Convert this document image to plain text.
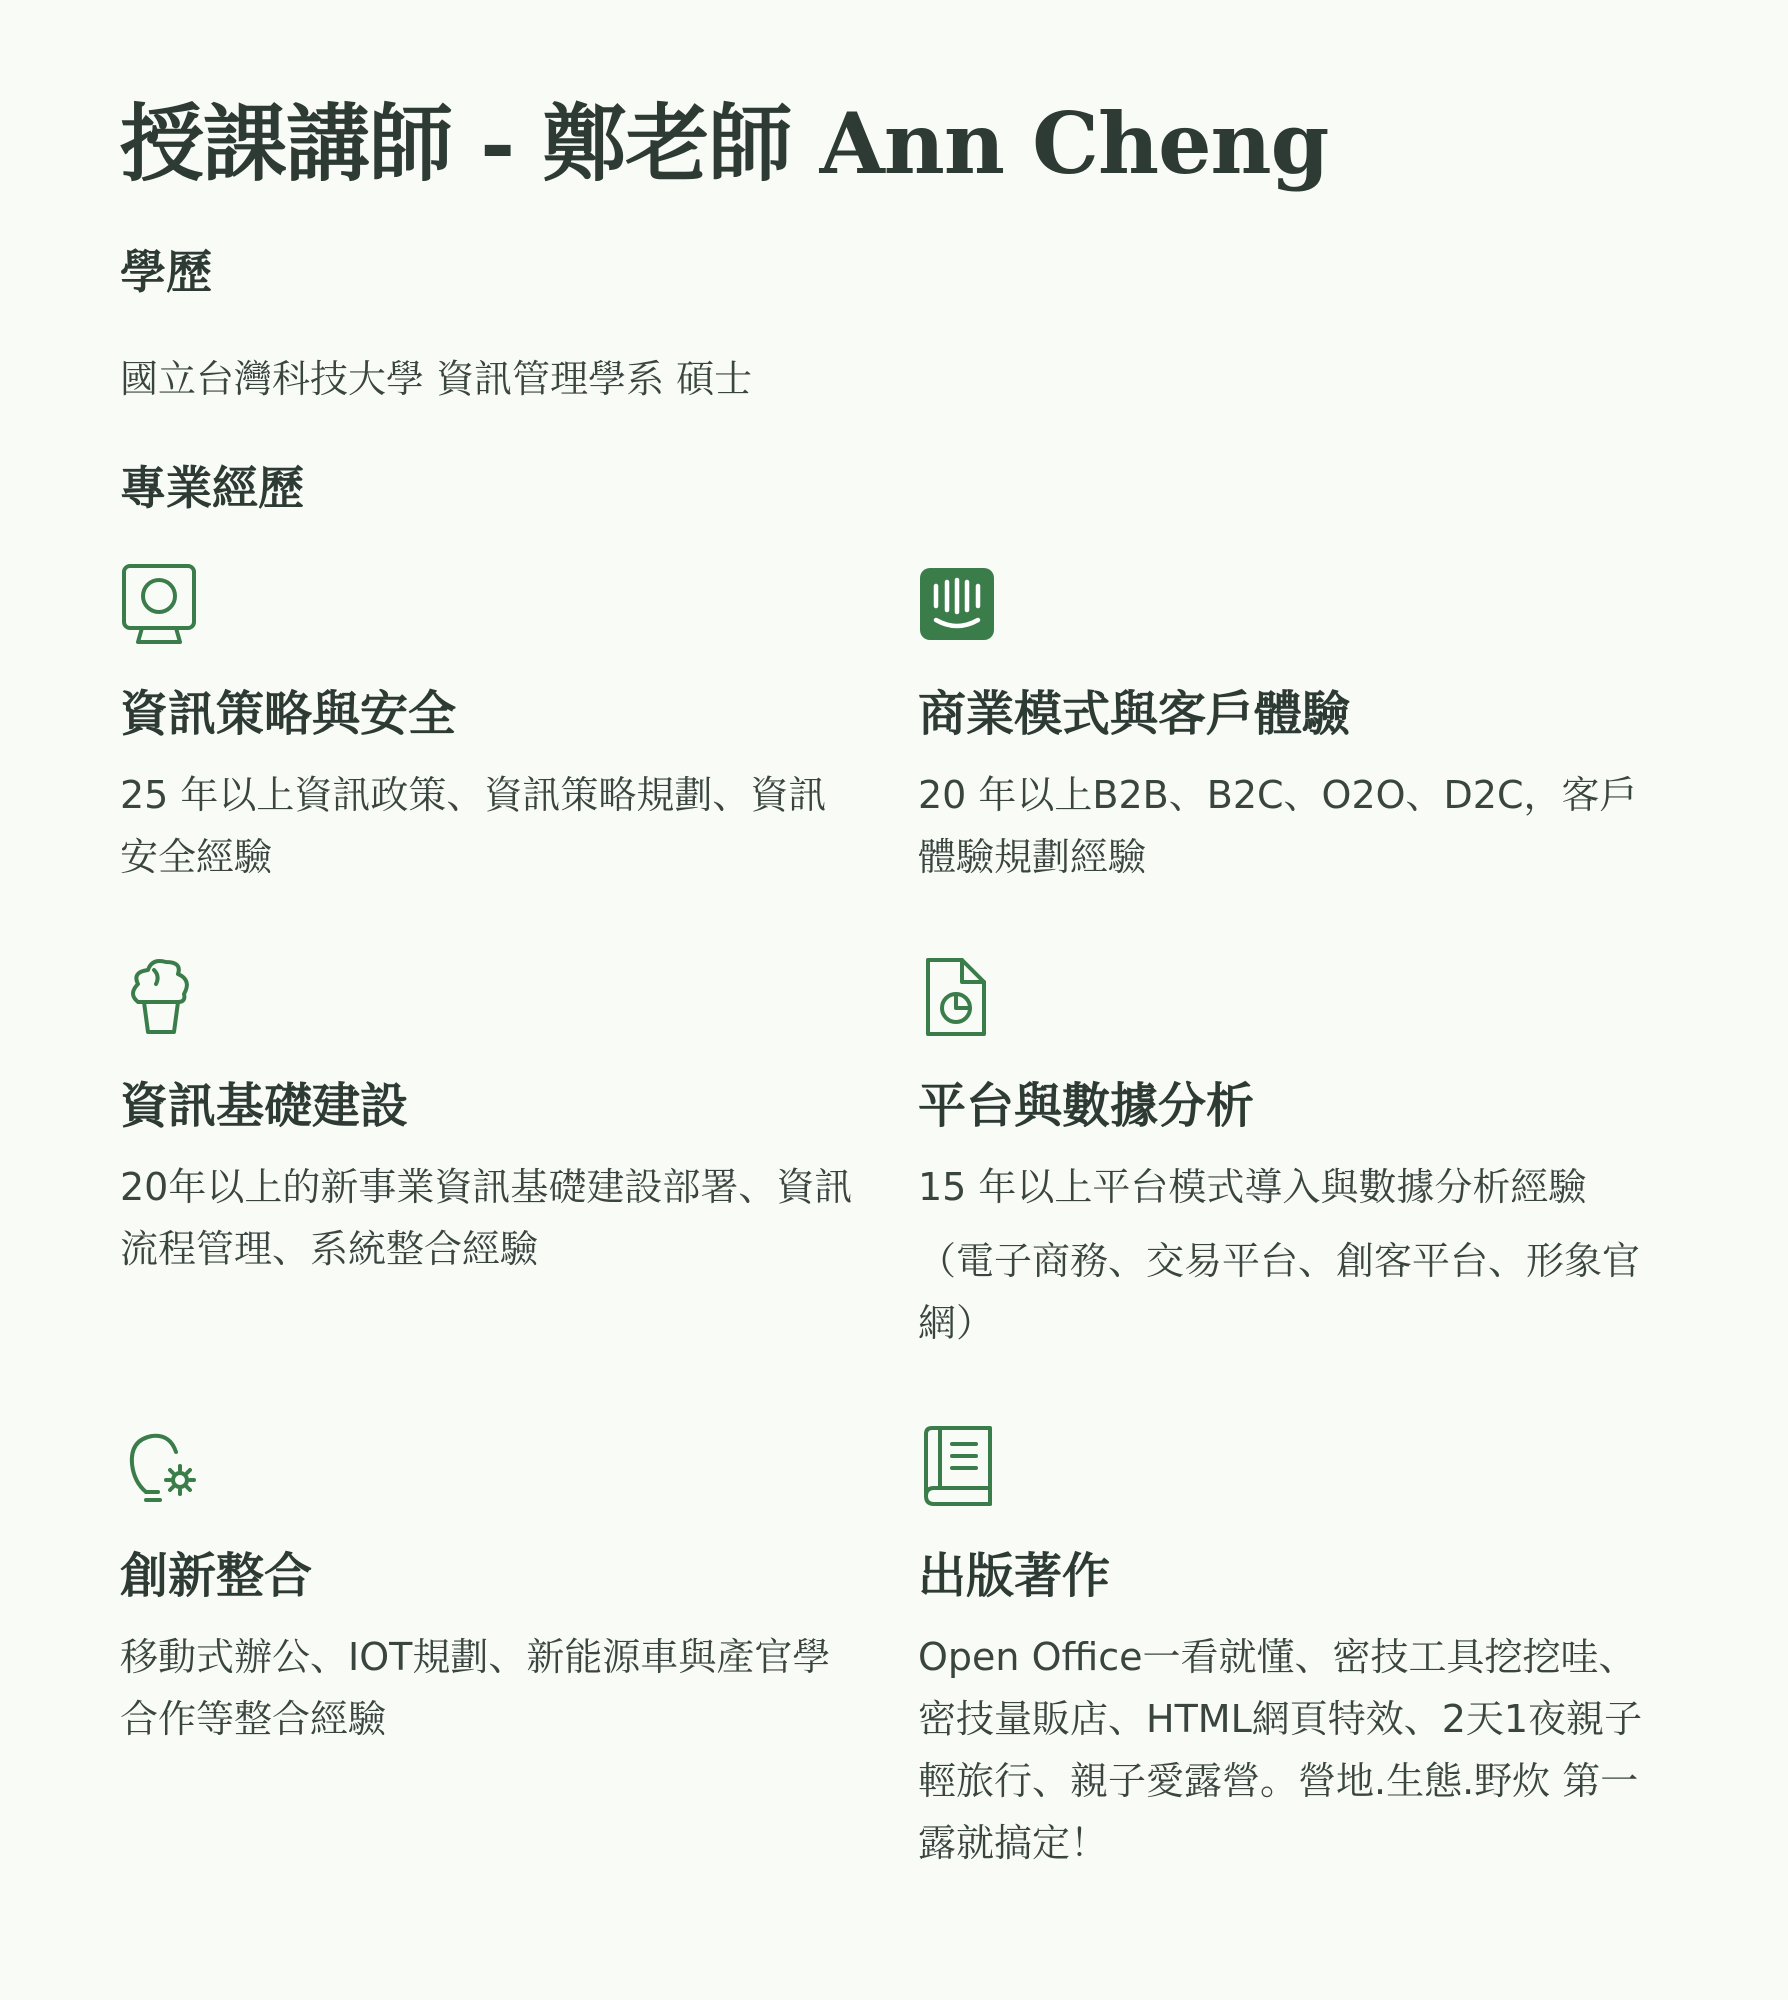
授課講師 - 鄭老師 Ann Cheng
學歷

國立台灣科技大學 資訊管理學系 碩士

專業經歷
資訊策略與安全

25 年以上資訊政策、資訊策略規劃、資訊安全經驗

商業模式與客戶體驗

20 年以上B2B、B2C、O2O、D2C，客戶體驗規劃經驗

資訊基礎建設

20年以上的新事業資訊基礎建設部署、資訊流程管理、系統整合經驗

平台與數據分析

15 年以上平台模式導入與數據分析經驗

（電子商務、交易平台、創客平台、形象官網）

創新整合

移動式辦公、IOT規劃、新能源車與產官學合作等整合經驗

出版著作

Open Office一看就懂、密技工具挖挖哇、密技量販店、HTML網頁特效、2天1夜親子輕旅行、親子愛露營。營地.生態.野炊 第一露就搞定！
